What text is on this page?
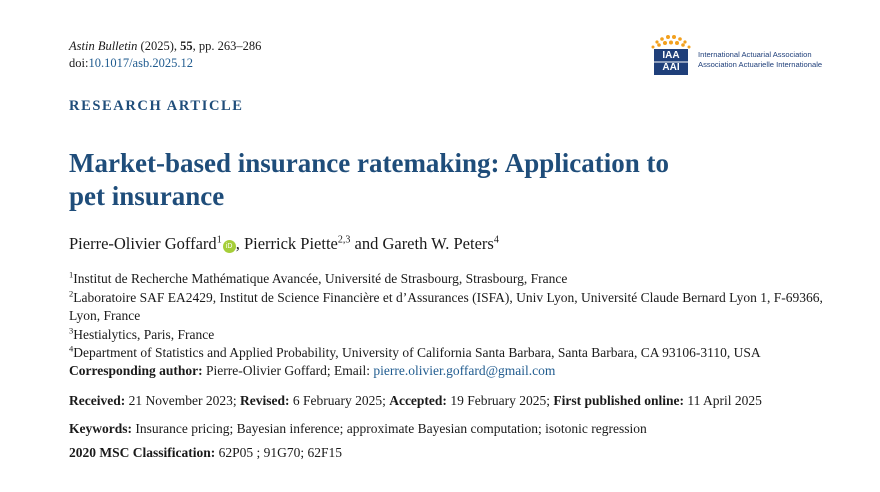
Astin Bulletin (2025), 55, pp. 263–286
doi:10.1017/asb.2025.12
IAA
AAI
International Actuarial Association
Association Actuarielle Internationale
RESEARCH ARTICLE
Market-based insurance ratemaking: Application to
pet insurance
Pierre-Olivier Goffard$^1$iD , Pierrick Piette$^{2,3}$ and Gareth W. Peters$^4$
$^1$Institut de Recherche Mathématique Avancée, Université de Strasbourg, Strasbourg, France
$^2$Laboratoire SAF EA2429, Institut de Science Financière et d’Assurances (ISFA), Univ Lyon, Université Claude Bernard Lyon 1, F-69366, Lyon, France
$^3$Hestialytics, Paris, France
$^4$Department of Statistics and Applied Probability, University of California Santa Barbara, Santa Barbara, CA 93106-3110, USA
Corresponding author: Pierre-Olivier Goffard; Email: pierre.olivier.goffard@gmail.com
Received: 21 November 2023; Revised: 6 February 2025; Accepted: 19 February 2025; First published online: 11 April 2025
Keywords: Insurance pricing; Bayesian inference; approximate Bayesian computation; isotonic regression
2020 MSC Classification: 62P05 ; 91G70; 62F15
